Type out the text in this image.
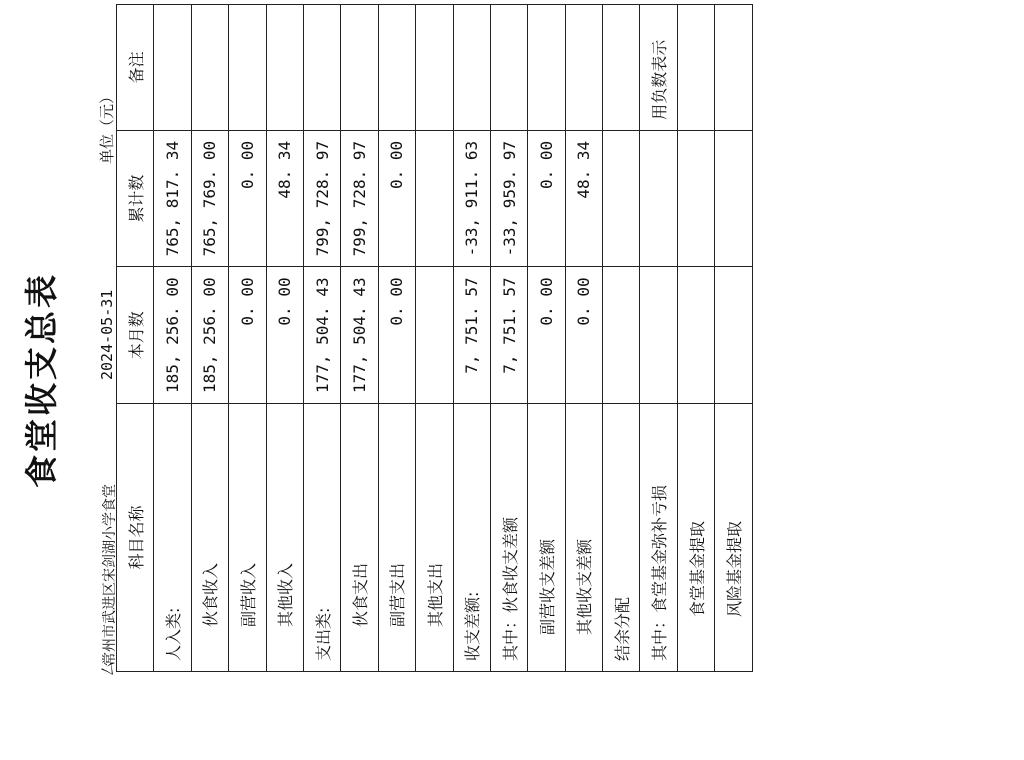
食堂收支总表
厶
常州市武进区宋剑湖小学食堂
2024-05-31
单位（元）
科目名称	本月数	累计数	备注
人入类:	185, 256. 00	765, 817. 34	
伙食收入	185, 256. 00	765, 769. 00	
副营收入	0. 00	0. 00	
其他收入	0. 00	48. 34	
支出类:	177, 504. 43	799, 728. 97	
伙食支出	177, 504. 43	799, 728. 97	
副营支出	0. 00	0. 00	
其他支出			
收支差额:	7, 751. 57	-33, 911. 63	
其中：伙食收支差额	7, 751. 57	-33, 959. 97	
副营收支差额	0. 00	0. 00	
其他收支差额	0. 00	48. 34	
结余分配			
其中：食堂基金弥补亏损			用负数表示
食堂基金提取			
风险基金提取			
